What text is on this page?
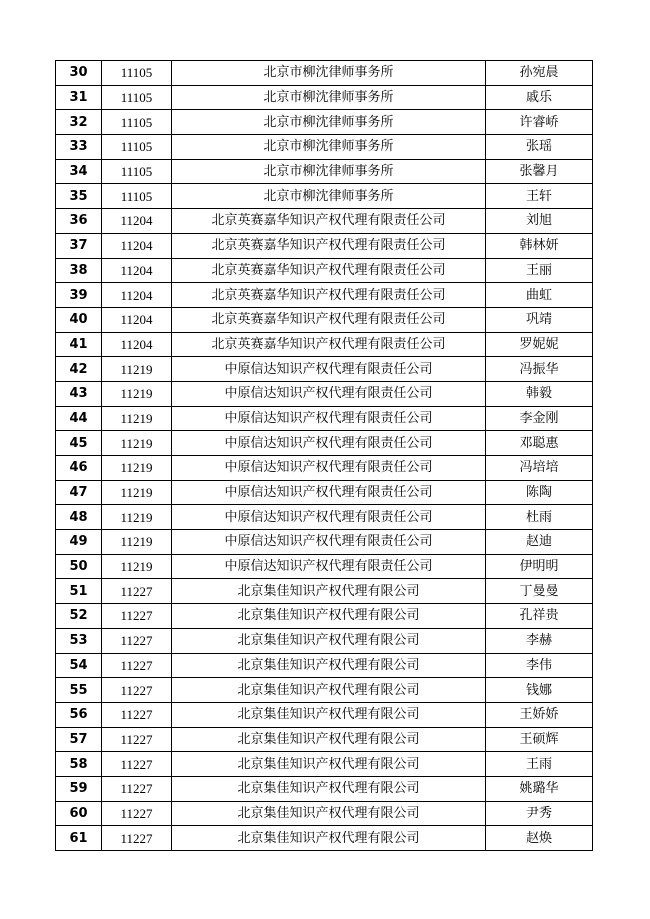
30	11105	北京市柳沈律师事务所	孙宛晨
31	11105	北京市柳沈律师事务所	戚乐
32	11105	北京市柳沈律师事务所	许睿峤
33	11105	北京市柳沈律师事务所	张瑶
34	11105	北京市柳沈律师事务所	张馨月
35	11105	北京市柳沈律师事务所	王轩
36	11204	北京英赛嘉华知识产权代理有限责任公司	刘旭
37	11204	北京英赛嘉华知识产权代理有限责任公司	韩林妍
38	11204	北京英赛嘉华知识产权代理有限责任公司	王丽
39	11204	北京英赛嘉华知识产权代理有限责任公司	曲虹
40	11204	北京英赛嘉华知识产权代理有限责任公司	巩靖
41	11204	北京英赛嘉华知识产权代理有限责任公司	罗妮妮
42	11219	中原信达知识产权代理有限责任公司	冯振华
43	11219	中原信达知识产权代理有限责任公司	韩毅
44	11219	中原信达知识产权代理有限责任公司	李金刚
45	11219	中原信达知识产权代理有限责任公司	邓聪惠
46	11219	中原信达知识产权代理有限责任公司	冯培培
47	11219	中原信达知识产权代理有限责任公司	陈陶
48	11219	中原信达知识产权代理有限责任公司	杜雨
49	11219	中原信达知识产权代理有限责任公司	赵迪
50	11219	中原信达知识产权代理有限责任公司	伊明明
51	11227	北京集佳知识产权代理有限公司	丁曼曼
52	11227	北京集佳知识产权代理有限公司	孔祥贵
53	11227	北京集佳知识产权代理有限公司	李赫
54	11227	北京集佳知识产权代理有限公司	李伟
55	11227	北京集佳知识产权代理有限公司	钱娜
56	11227	北京集佳知识产权代理有限公司	王娇娇
57	11227	北京集佳知识产权代理有限公司	王硕辉
58	11227	北京集佳知识产权代理有限公司	王雨
59	11227	北京集佳知识产权代理有限公司	姚璐华
60	11227	北京集佳知识产权代理有限公司	尹秀
61	11227	北京集佳知识产权代理有限公司	赵焕
